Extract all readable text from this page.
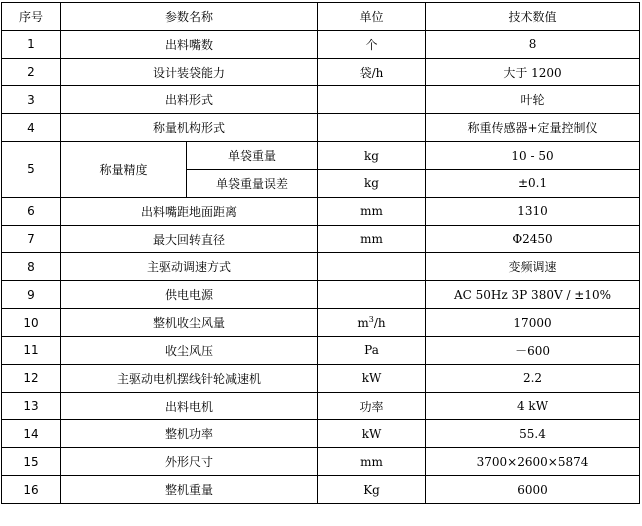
序号	参数名称		单位	技术数值
1	出料嘴数		个	8
2	设计装袋能力		袋/h	大于 1200
3	出料形式			叶轮
4	称量机构形式			称重传感器+定量控制仪
5	称量精度	单袋重量	kg	10 - 50
		单袋重量误差	kg	±0.1
6	出料嘴距地面距离		mm	1310
7	最大回转直径		mm	Φ2450
8	主驱动调速方式			变频调速
9	供电电源			AC 50Hz 3P 380V / ±10%
10	整机收尘风量		$m^3/h$	17000
11	收尘风压		Pa	－600
12	主驱动电机摆线针轮减速机		kW	2.2
13	出料电机		功率	4 kW
14	整机功率		kW	55.4
15	外形尺寸		mm	3700×2600×5874
16	整机重量		Kg	6000
